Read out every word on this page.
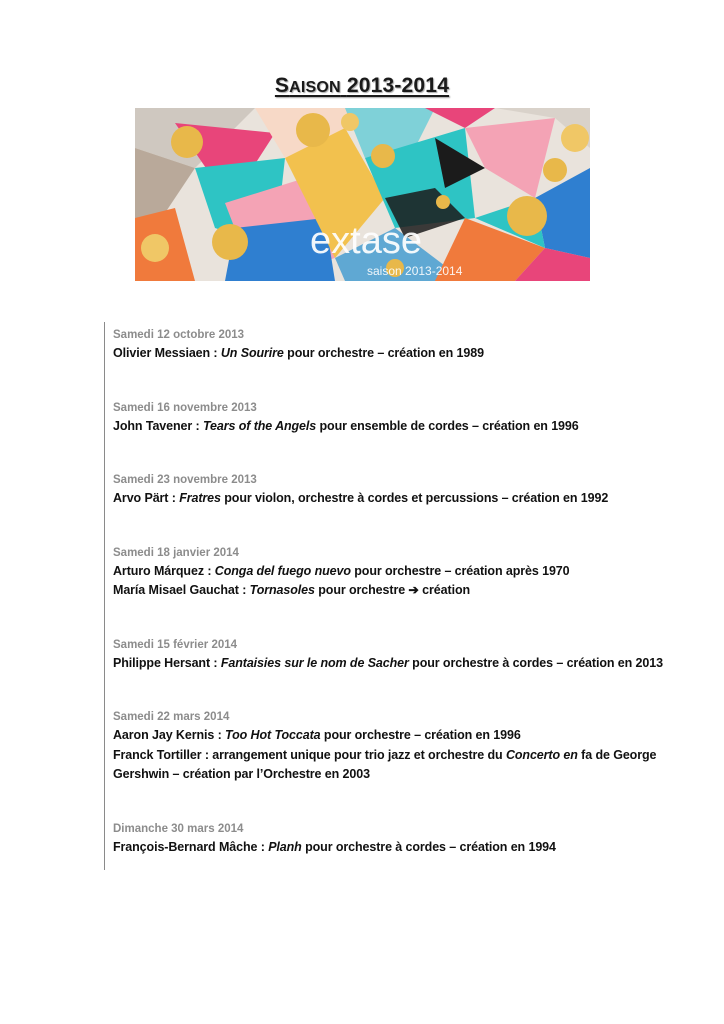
SAISON 2013-2014
extase
saison 2013-2014
Samedi 12 octobre 2013
Olivier Messiaen : Un Sourire pour orchestre – création en 1989
Samedi 16 novembre 2013
John Tavener : Tears of the Angels pour ensemble de cordes – création en 1996
Samedi 23 novembre 2013
Arvo Pärt : Fratres pour violon, orchestre à cordes et percussions – création en 1992
Samedi 18 janvier 2014
Arturo Márquez : Conga del fuego nuevo pour orchestre – création après 1970
María Misael Gauchat : Tornasoles pour orchestre ➔ création
Samedi 15 février 2014
Philippe Hersant : Fantaisies sur le nom de Sacher pour orchestre à cordes – création en 2013
Samedi 22 mars 2014
Aaron Jay Kernis : Too Hot Toccata pour orchestre – création en 1996
Franck Tortiller : arrangement unique pour trio jazz et orchestre du Concerto en fa de George
Gershwin – création par l’Orchestre en 2003
Dimanche 30 mars 2014
François-Bernard Mâche : Planh pour orchestre à cordes – création en 1994
